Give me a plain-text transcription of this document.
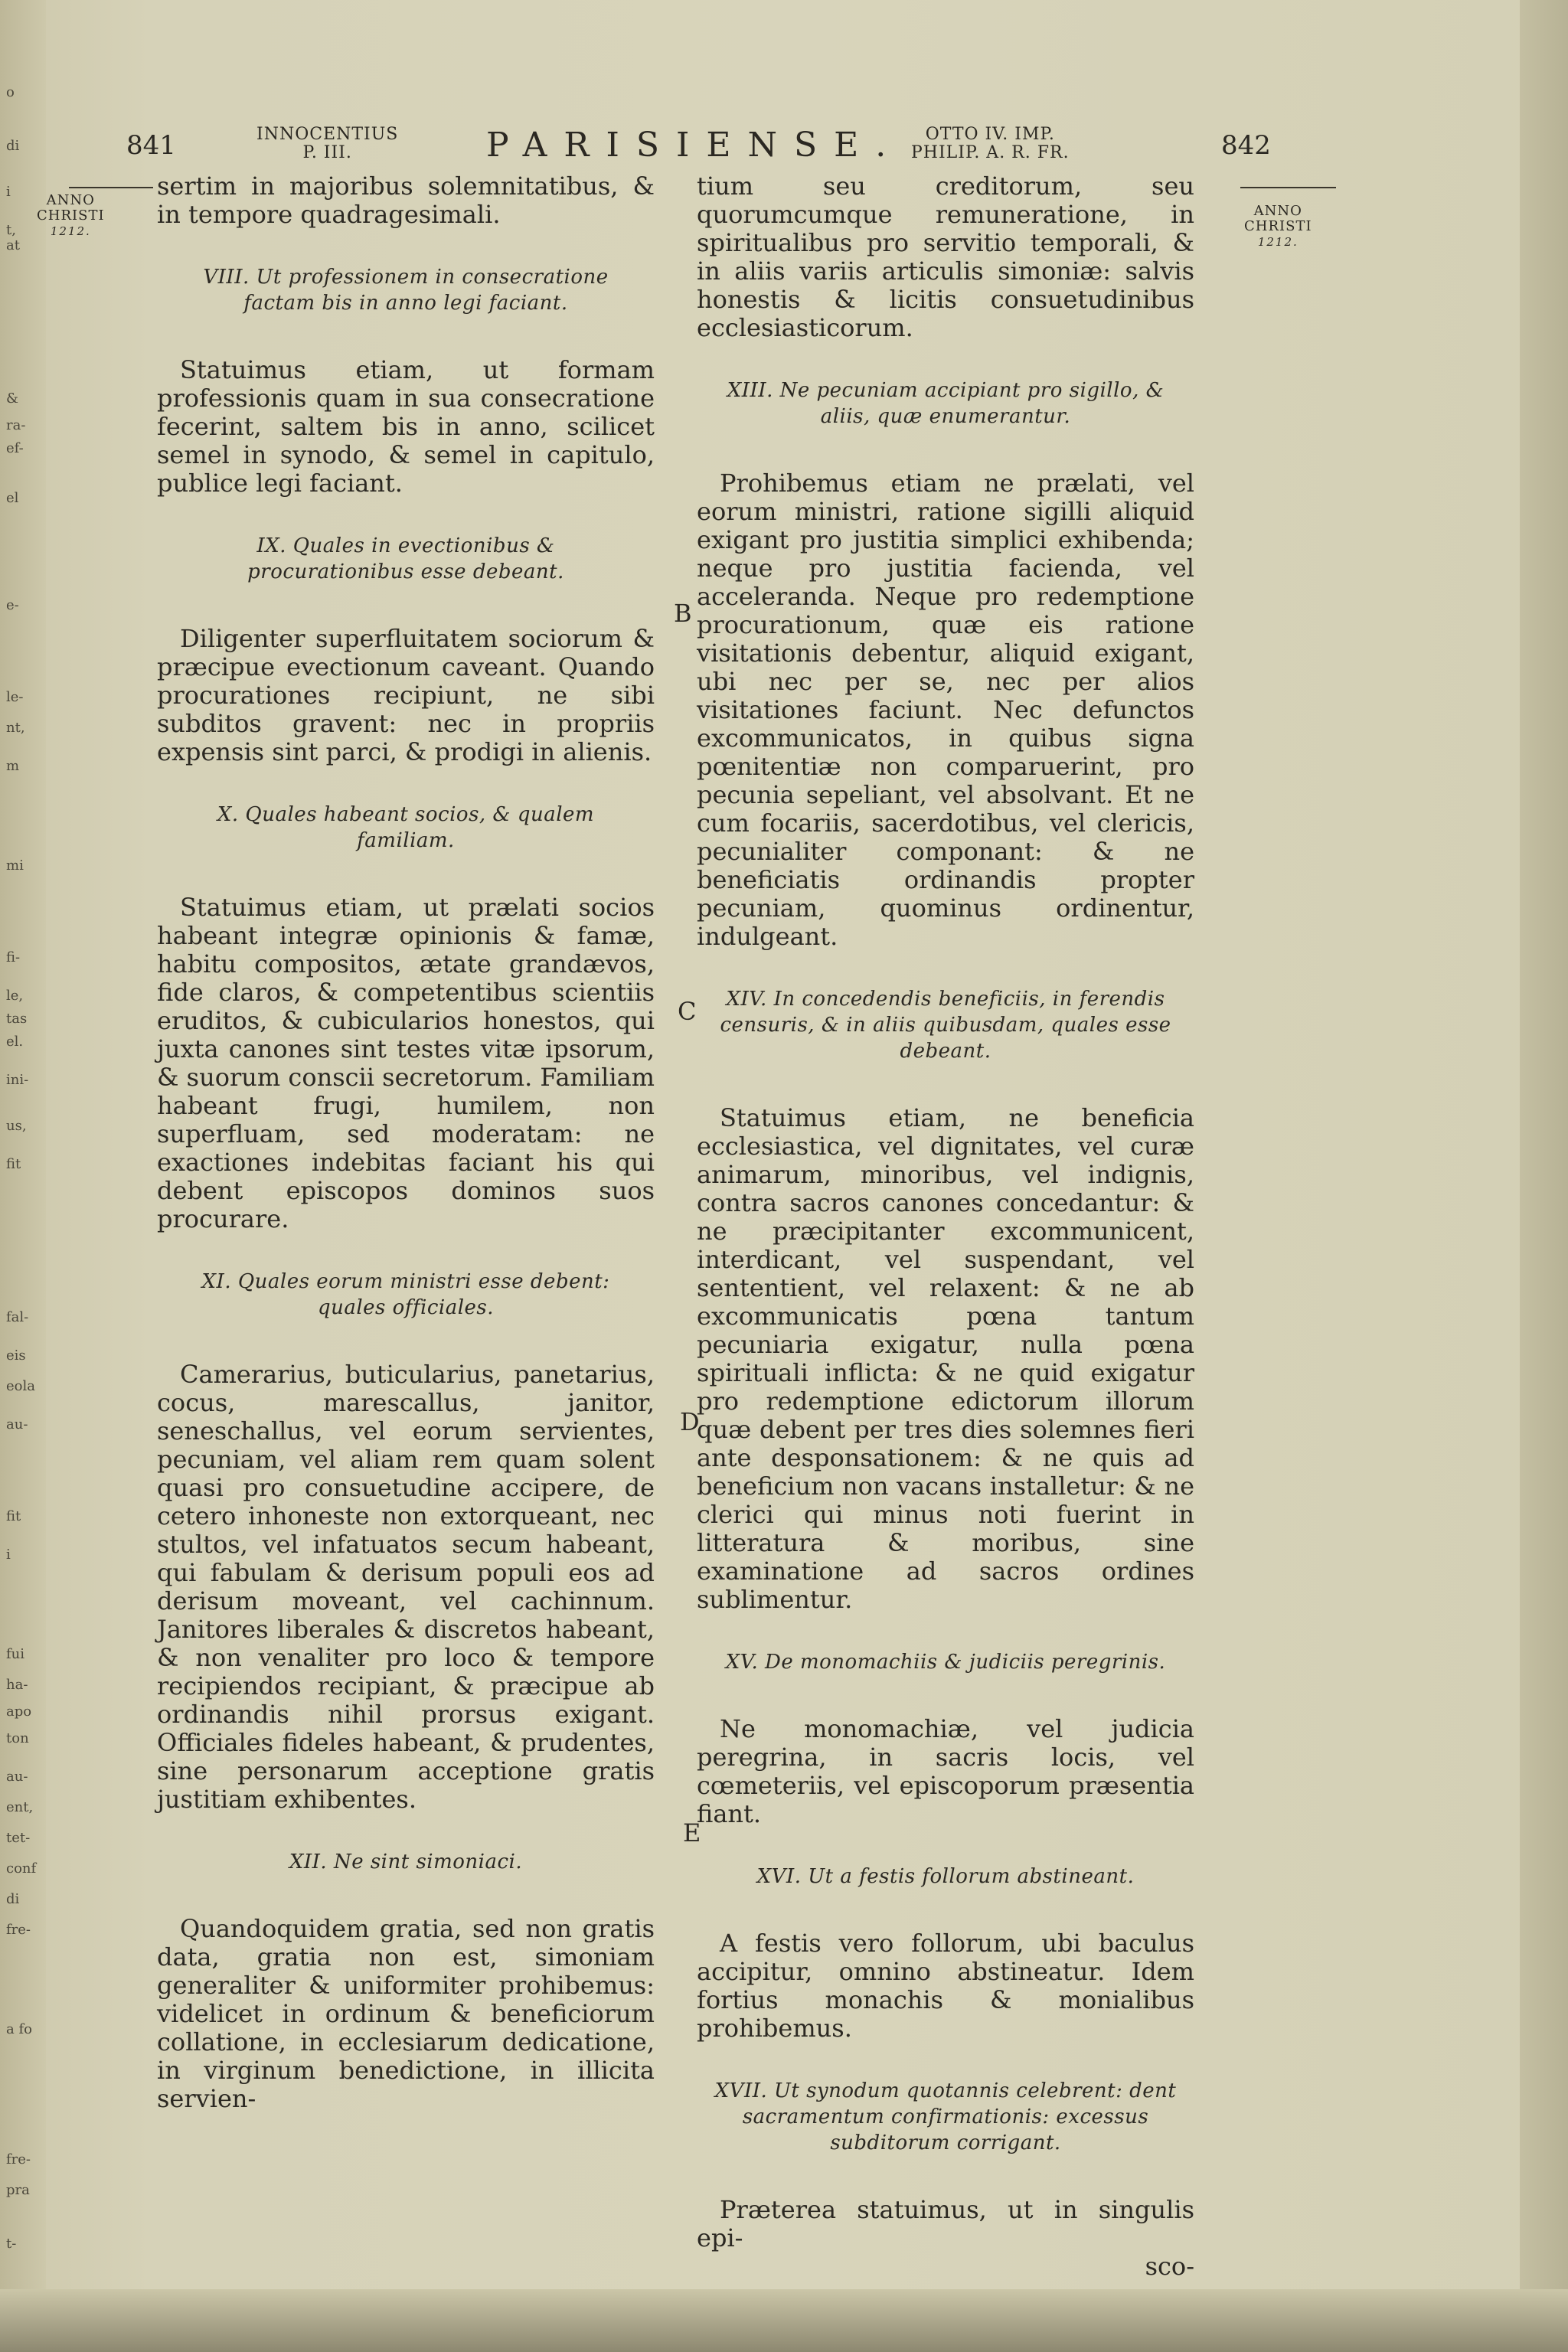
o
di
i
t,
at
&
ra-
ef-
el
e-
le-
nt,
m
mi
fi-
le,
tas
el.
ini-
us,
fit
fal-
eis
eola
au-
fit
i
fui
ha-
apo
ton
au-
ent,
tet-
conf
di
fre-
a fo
fre-
pra
t-
841	INNOCENTIUS
P. III.	PARISIENSE.	OTTO IV. IMP.
PHILIP. A. R. FR.	842
ANNO
CHRISTI
1212.
ANNO
CHRISTI
1212.
B
C
D
E

sertim in majoribus solemnitatibus, & in tempore quadragesimali.

VIII. Ut professionem in consecratione factam bis in anno legi faciant.

Statuimus etiam, ut formam professionis quam in sua consecratione fecerint, saltem bis in anno, scilicet semel in synodo, & semel in capitulo, publice legi faciant.

IX. Quales in evectionibus & procurationibus esse debeant.

Diligenter superfluitatem sociorum & præcipue evectionum caveant. Quando procurationes recipiunt, ne sibi subditos gravent: nec in propriis expensis sint parci, & prodigi in alienis.

X. Quales habeant socios, & qualem familiam.

Statuimus etiam, ut prælati socios habeant integræ opinionis & famæ, habitu compositos, ætate grandævos, fide claros, & competentibus scientiis eruditos, & cubicularios honestos, qui juxta canones sint testes vitæ ipsorum, & suorum conscii secretorum. Familiam habeant frugi, humilem, non superfluam, sed moderatam: ne exactiones indebitas faciant his qui debent episcopos dominos suos procurare.

XI. Quales eorum ministri esse debent: quales officiales.

Camerarius, buticularius, panetarius, cocus, marescallus, janitor, seneschallus, vel eorum servientes, pecuniam, vel aliam rem quam solent quasi pro consuetudine accipere, de cetero inhoneste non extorqueant, nec stultos, vel infatuatos secum habeant, qui fabulam & derisum populi eos ad derisum moveant, vel cachinnum. Janitores liberales & discretos habeant, & non venaliter pro loco & tempore recipiendos recipiant, & præcipue ab ordinandis nihil prorsus exigant. Officiales fideles habeant, & prudentes, sine personarum acceptione gratis justitiam exhibentes.

XII. Ne sint simoniaci.

Quandoquidem gratia, sed non gratis data, gratia non est, simoniam generaliter & uniformiter prohibemus: videlicet in ordinum & beneficiorum collatione, in ecclesiarum dedicatione, in virginum benedictione, in illicita servien-

tium seu creditorum, seu quorumcumque remuneratione, in spiritualibus pro servitio temporali, & in aliis variis articulis simoniæ: salvis honestis & licitis consuetudinibus ecclesiasticorum.

XIII. Ne pecuniam accipiant pro sigillo, & aliis, quæ enumerantur.

Prohibemus etiam ne prælati, vel eorum ministri, ratione sigilli aliquid exigant pro justitia simplici exhibenda; neque pro justitia facienda, vel acceleranda. Neque pro redemptione procurationum, quæ eis ratione visitationis debentur, aliquid exigant, ubi nec per se, nec per alios visitationes faciunt. Nec defunctos excommunicatos, in quibus signa pœnitentiæ non comparuerint, pro pecunia sepeliant, vel absolvant. Et ne cum focariis, sacerdotibus, vel clericis, pecunialiter componant: & ne beneficiatis ordinandis propter pecuniam, quominus ordinentur, indulgeant.

XIV. In concedendis beneficiis, in ferendis censuris, & in aliis quibusdam, quales esse debeant.

Statuimus etiam, ne beneficia ecclesiastica, vel dignitates, vel curæ animarum, minoribus, vel indignis, contra sacros canones concedantur: & ne præcipitanter excommunicent, interdicant, vel suspendant, vel sententient, vel relaxent: & ne ab excommunicatis pœna tantum pecuniaria exigatur, nulla pœna spirituali inflicta: & ne quid exigatur pro redemptione edictorum illorum quæ debent per tres dies solemnes fieri ante desponsationem: & ne quis ad beneficium non vacans installetur: & ne clerici qui minus noti fuerint in litteratura & moribus, sine examinatione ad sacros ordines sublimentur.

XV. De monomachiis & judiciis peregrinis.

Ne monomachiæ, vel judicia peregrina, in sacris locis, vel cœmeteriis, vel episcoporum præsentia fiant.

XVI. Ut a festis follorum abstineant.

A festis vero follorum, ubi baculus accipitur, omnino abstineatur. Idem fortius monachis & monialibus prohibemus.

XVII. Ut synodum quotannis celebrent: dent sacramentum confirmationis: excessus subditorum corrigant.

Præterea statuimus, ut in singulis epi-

sco-
